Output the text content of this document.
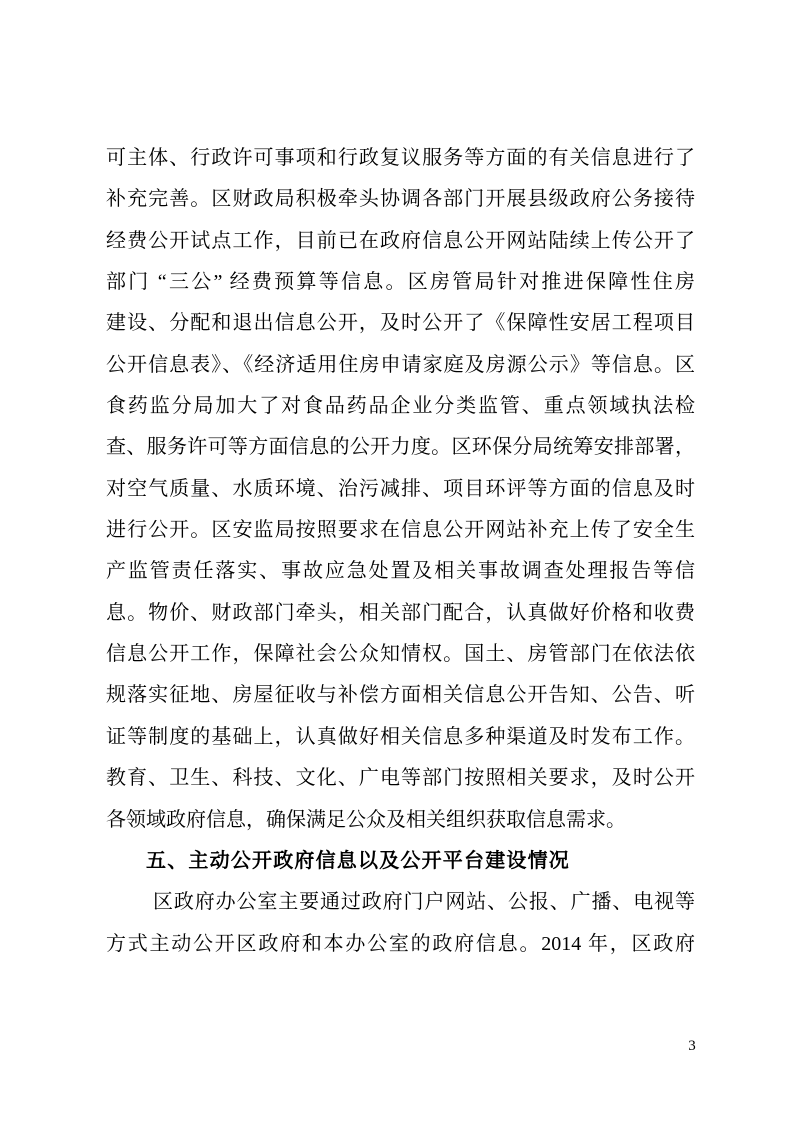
可主体、行政许可事项和行政复议服务等方面的有关信息进行了
补充完善。区财政局积极牵头协调各部门开展县级政府公务接待
经费公开试点工作，目前已在政府信息公开网站陆续上传公开了
部门 “三公” 经费预算等信息。区房管局针对推进保障性住房
建设、分配和退出信息公开，及时公开了《保障性安居工程项目
公开信息表》、《经济适用住房申请家庭及房源公示》等信息。区
食药监分局加大了对食品药品企业分类监管、重点领域执法检
查、服务许可等方面信息的公开力度。区环保分局统筹安排部署，
对空气质量、水质环境、治污减排、项目环评等方面的信息及时
进行公开。区安监局按照要求在信息公开网站补充上传了安全生
产监管责任落实、事故应急处置及相关事故调查处理报告等信
息。物价、财政部门牵头，相关部门配合，认真做好价格和收费
信息公开工作，保障社会公众知情权。国土、房管部门在依法依
规落实征地、房屋征收与补偿方面相关信息公开告知、公告、听
证等制度的基础上，认真做好相关信息多种渠道及时发布工作。
教育、卫生、科技、文化、广电等部门按照相关要求，及时公开
各领域政府信息，确保满足公众及相关组织获取信息需求。
五、主动公开政府信息以及公开平台建设情况
区政府办公室主要通过政府门户网站、公报、广播、电视等
方式主动公开区政府和本办公室的政府信息。2014 年，区政府
3
